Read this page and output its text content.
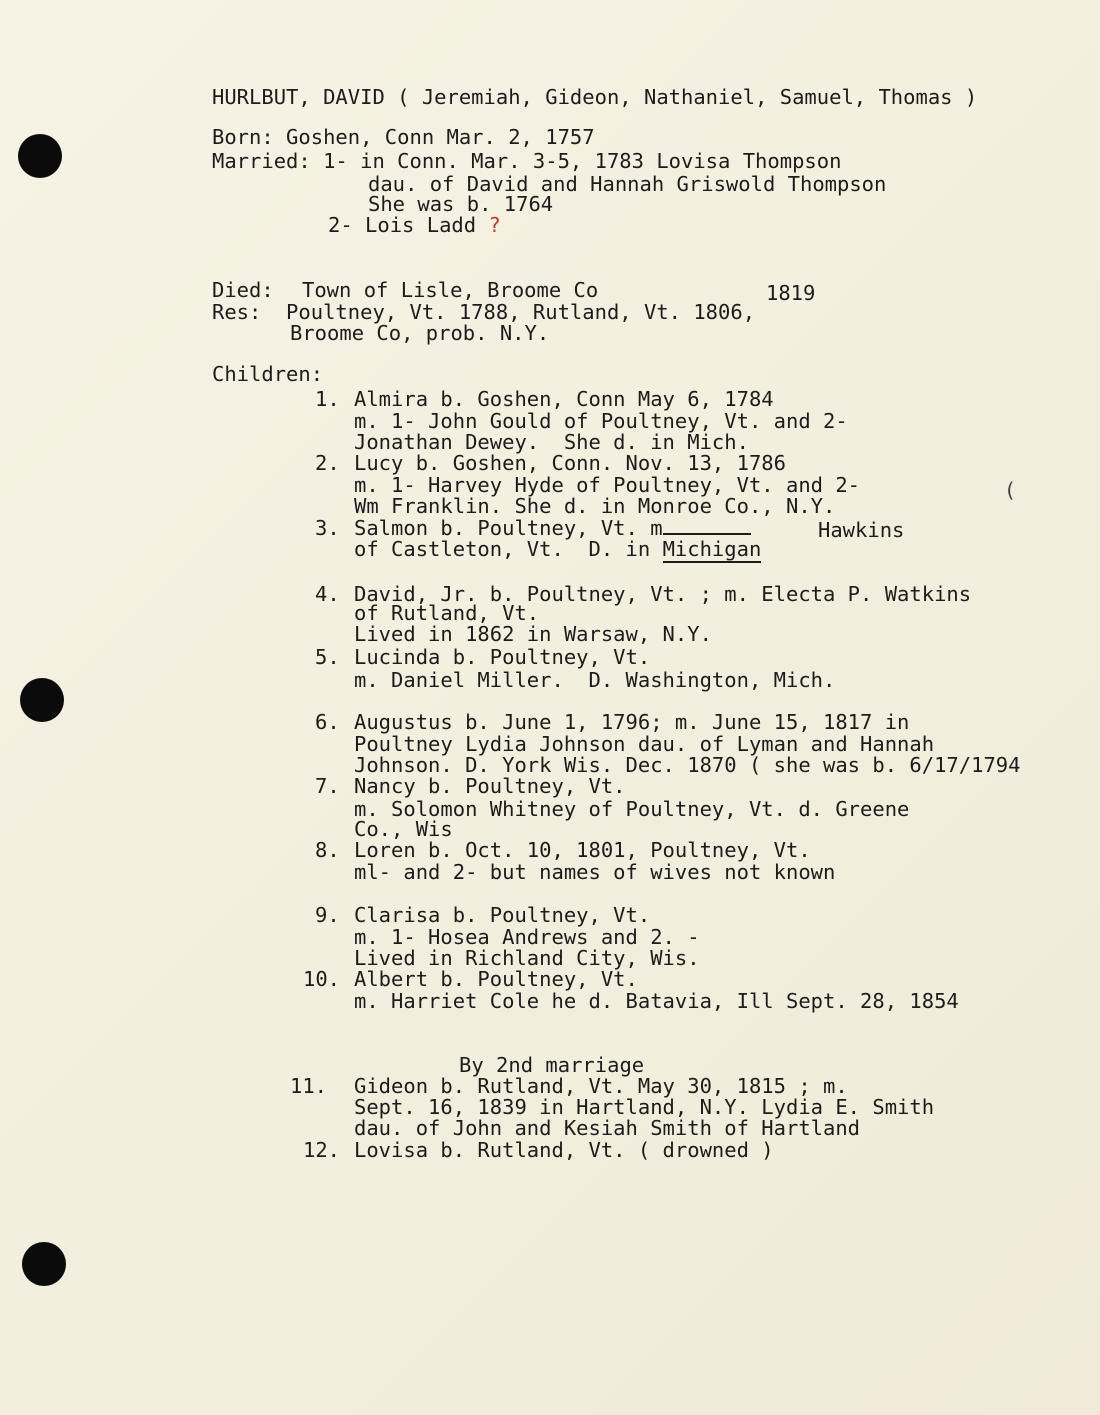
(
HURLBUT, DAVID ( Jeremiah, Gideon, Nathaniel, Samuel, Thomas )
Born: Goshen, Conn Mar. 2, 1757
Married: 1- in Conn. Mar. 3-5, 1783 Lovisa Thompson
dau. of David and Hannah Griswold Thompson
She was b. 1764
2- Lois Ladd ?
Died: Town of Lisle, Broome Co	1819
Res:  Poultney, Vt. 1788, Rutland, Vt. 1806,
Broome Co, prob. N.Y.
Children:
1. Almira b. Goshen, Conn May 6, 1784
m. 1- John Gould of Poultney, Vt. and 2-
Jonathan Dewey.  She d. in Mich.
2. Lucy b. Goshen, Conn. Nov. 13, 1786
m. 1- Harvey Hyde of Poultney, Vt. and 2-
Wm Franklin. She d. in Monroe Co., N.Y.
3. Salmon b. Poultney, Vt. m	Hawkins
of Castleton, Vt.  D. in Michigan
4. David, Jr. b. Poultney, Vt. ; m. Electa P. Watkins
of Rutland, Vt.
Lived in 1862 in Warsaw, N.Y.
5. Lucinda b. Poultney, Vt.
m. Daniel Miller.  D. Washington, Mich.
6. Augustus b. June 1, 1796; m. June 15, 1817 in
Poultney Lydia Johnson dau. of Lyman and Hannah
Johnson. D. York Wis. Dec. 1870 ( she was b. 6/17/1794
7. Nancy b. Poultney, Vt.
m. Solomon Whitney of Poultney, Vt. d. Greene
Co., Wis
8. Loren b. Oct. 10, 1801, Poultney, Vt.
ml- and 2- but names of wives not known
9. Clarisa b. Poultney, Vt.
m. 1- Hosea Andrews and 2. -
Lived in Richland City, Wis.
10. Albert b. Poultney, Vt.
m. Harriet Cole he d. Batavia, Ill Sept. 28, 1854
By 2nd marriage
11. Gideon b. Rutland, Vt. May 30, 1815 ; m.
Sept. 16, 1839 in Hartland, N.Y. Lydia E. Smith
dau. of John and Kesiah Smith of Hartland
12. Lovisa b. Rutland, Vt. ( drowned )
